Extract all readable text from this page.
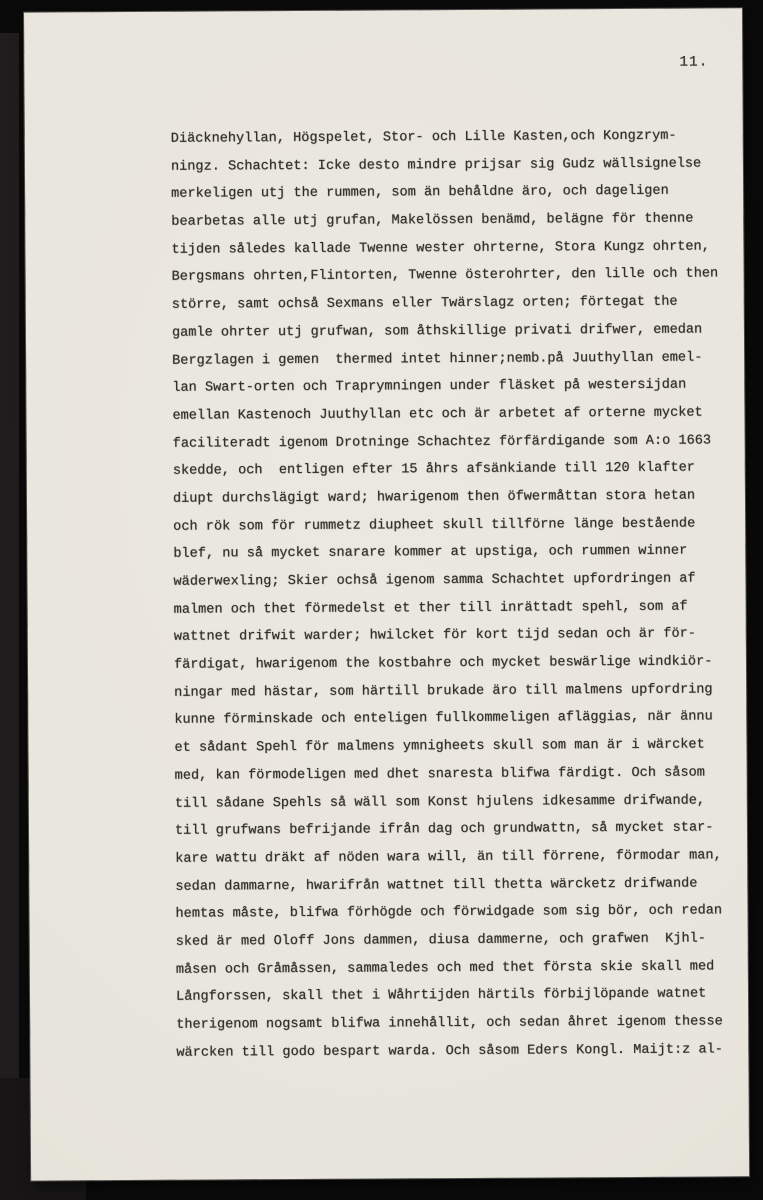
11.
Diäcknehyllan, Högspelet, Stor- och Lille Kasten,och Kongzrym-
ningz. Schachtet: Icke desto mindre prijsar sig Gudz wällsignelse
merkeligen utj the rummen, som än behåldne äro, och dageligen
bearbetas alle utj grufan, Makelössen benämd, belägne för thenne
tijden således kallade Twenne wester ohrterne, Stora Kungz ohrten,
Bergsmans ohrten,Flintorten, Twenne österohrter, den lille och then
större, samt ochså Sexmans eller Twärslagz orten; förtegat the
gamle ohrter utj grufwan, som åthskillige privati drifwer, emedan
Bergzlagen i gemen  thermed intet hinner;nemb.på Juuthyllan emel-
lan Swart-orten och Traprymningen under fläsket på westersijdan
emellan Kastenoch Juuthyllan etc och är arbetet af orterne mycket
faciliteradt igenom Drotninge Schachtez förfärdigande som A:o 1663
skedde, och  entligen efter 15 åhrs afsänkiande till 120 klafter
diupt durchslägigt ward; hwarigenom then öfwermåttan stora hetan
och rök som för rummetz diupheet skull tillförne länge bestående
blef, nu så mycket snarare kommer at upstiga, och rummen winner
wäderwexling; Skier ochså igenom samma Schachtet upfordringen af
malmen och thet förmedelst et ther till inrättadt spehl, som af
wattnet drifwit warder; hwilcket för kort tijd sedan och är för-
färdigat, hwarigenom the kostbahre och mycket beswärlige windkiör-
ningar med hästar, som härtill brukade äro till malmens upfordring
kunne förminskade och enteligen fullkommeligen afläggias, när ännu
et sådant Spehl för malmens ymnigheets skull som man är i wärcket
med, kan förmodeligen med dhet snaresta blifwa färdigt. Och såsom
till sådane Spehls så wäll som Konst hjulens idkesamme drifwande,
till grufwans befrijande ifrån dag och grundwattn, så mycket star-
kare wattu dräkt af nöden wara will, än till förrene, förmodar man,
sedan dammarne, hwarifrån wattnet till thetta wärcketz drifwande
hemtas måste, blifwa förhögde och förwidgade som sig bör, och redan
sked är med Oloff Jons dammen, diusa dammerne, och grafwen  Kjhl-
måsen och Gråmåssen, sammaledes och med thet första skie skall med
Långforssen, skall thet i Wåhrtijden härtils förbijlöpande watnet
therigenom nogsamt blifwa innehållit, och sedan åhret igenom thesse
wärcken till godo bespart warda. Och såsom Eders Kongl. Maijt:z al-
